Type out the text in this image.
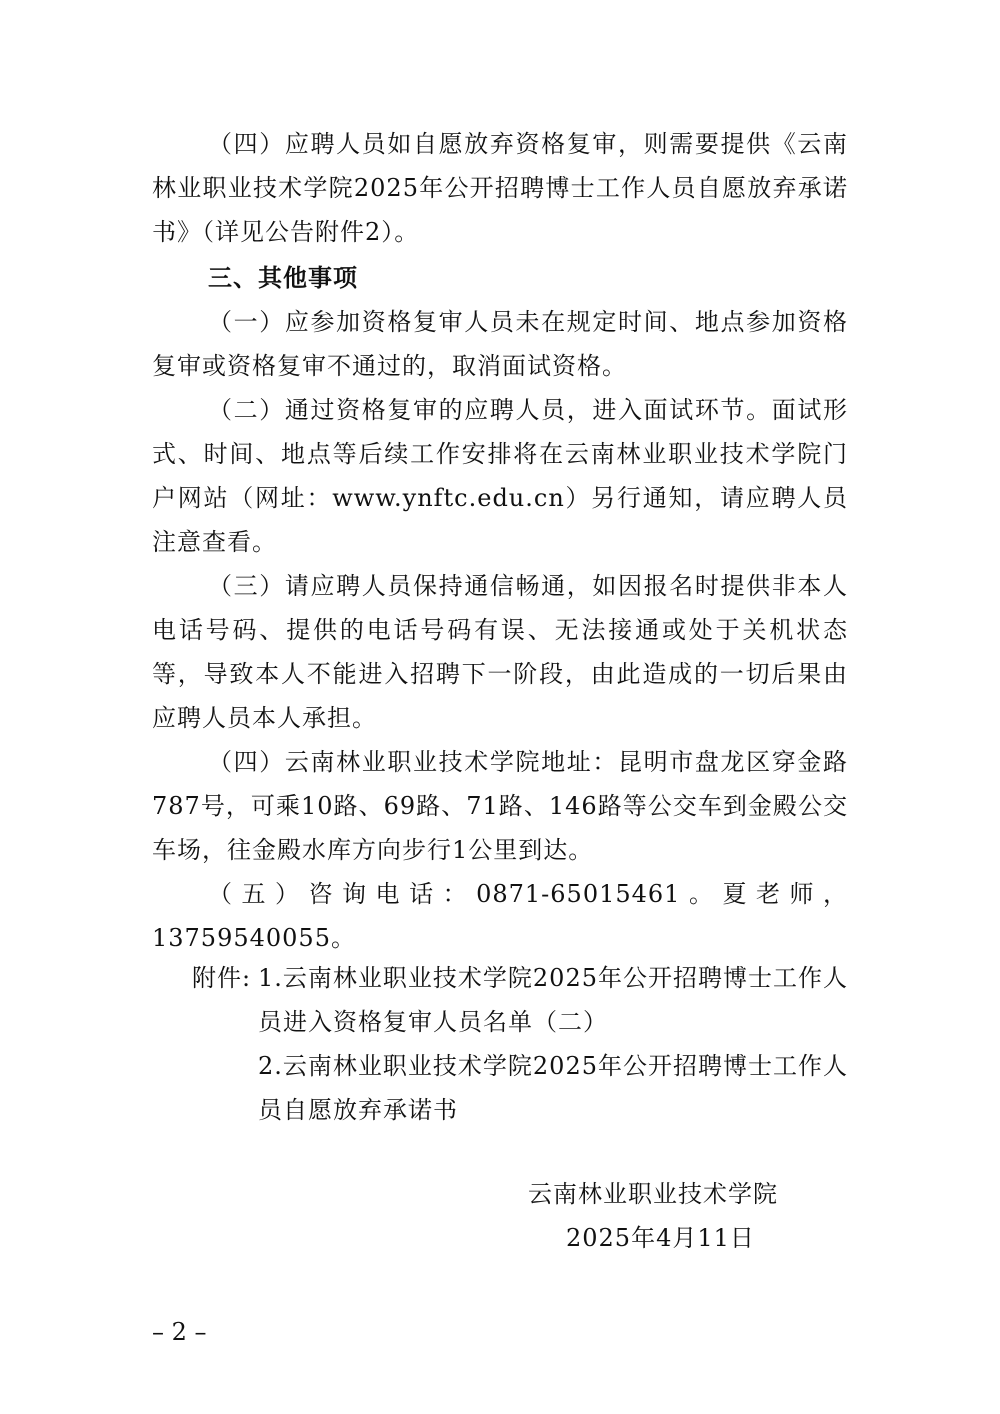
（四）应聘人员如自愿放弃资格复审，则需要提供《云南林业职业技术学院2025年公开招聘博士工作人员自愿放弃承诺书》（详见公告附件2）。

三、其他事项

（一）应参加资格复审人员未在规定时间、地点参加资格复审或资格复审不通过的，取消面试资格。

（二）通过资格复审的应聘人员，进入面试环节。面试形式、时间、地点等后续工作安排将在云南林业职业技术学院门户网站（网址：www.ynftc.edu.cn）另行通知，请应聘人员注意查看。

（三）请应聘人员保持通信畅通，如因报名时提供非本人电话号码、提供的电话号码有误、无法接通或处于关机状态等，导致本人不能进入招聘下一阶段，由此造成的一切后果由应聘人员本人承担。

（四）云南林业职业技术学院地址：昆明市盘龙区穿金路787号，可乘10路、69路、71路、146路等公交车到金殿公交车场，往金殿水库方向步行1公里到达。

（五）咨询电话：0871-65015461。夏老师，13759540055。

附件: 1.云南林业职业技术学院2025年公开招聘博士工作人员进入资格复审人员名单（二）
2.云南林业职业技术学院2025年公开招聘博士工作人员自愿放弃承诺书
云南林业职业技术学院
2025年4月11日
– 2 –
